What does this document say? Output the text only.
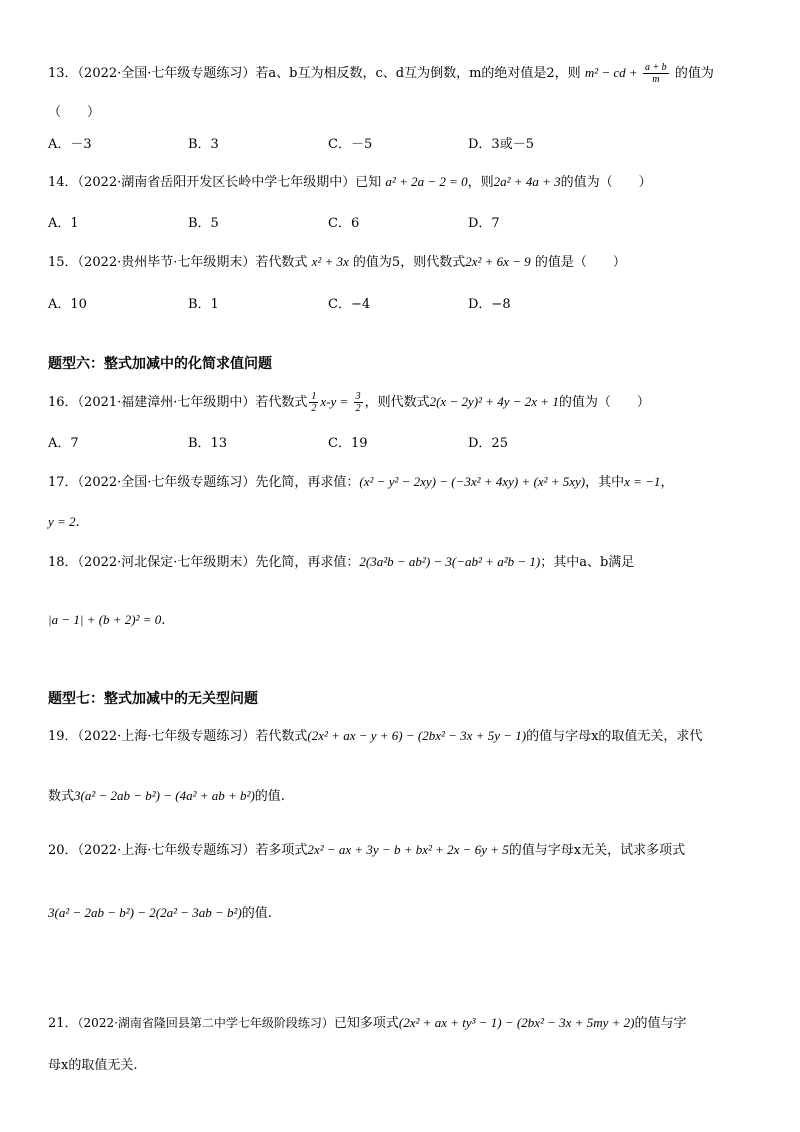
13．（2022·全国·七年级专题练习）若a、b互为相反数，c、d互为倒数，m的绝对值是2，则 m² − cd + $\frac{a + b}{m}$ 的值为
（　　）
A．－3	B．3	C．－5	D．3或－5
14．（2022·湖南省岳阳开发区长岭中学七年级期中）已知 a² + 2a − 2 = 0，则2a² + 4a + 3的值为（　　）
A．1	B．5	C．6	D．7
15．（2022·贵州毕节·七年级期末）若代数式 x² + 3x 的值为5，则代数式2x² + 6x − 9 的值是（　　）
A．10	B．1	C．−4	D．−8
题型六：整式加减中的化简求值问题
16．（2021·福建漳州·七年级期中）若代数式 $\frac{1}{2} x-y = \frac{3}{2}$ ，则代数式2(x − 2y)² + 4y − 2x + 1的值为（　　）
A．7	B．13	C．19	D．25
17．（2022·全国·七年级专题练习）先化简，再求值：(x² − y² − 2xy) − (−3x² + 4xy) + (x² + 5xy)，其中x = −1，
y = 2.
18．（2022·河北保定·七年级期末）先化简，再求值：2(3a²b − ab²) − 3(−ab² + a²b − 1)；其中a、b满足
|a − 1| + (b + 2)² = 0.
题型七：整式加减中的无关型问题
19．（2022·上海·七年级专题练习）若代数式(2x² + ax − y + 6) − (2bx² − 3x + 5y − 1)的值与字母x的取值无关，求代
数式3(a² − 2ab − b²) − (4a² + ab + b²)的值.
20．（2022·上海·七年级专题练习）若多项式2x² − ax + 3y − b + bx² + 2x − 6y + 5的值与字母x无关，试求多项式
3(a² − 2ab − b²) − 2(2a² − 3ab − b²)的值.
21．（2022·湖南省隆回县第二中学七年级阶段练习）已知多项式(2x² + ax + ty³ − 1) − (2bx² − 3x + 5my + 2)的值与字
母x的取值无关.
